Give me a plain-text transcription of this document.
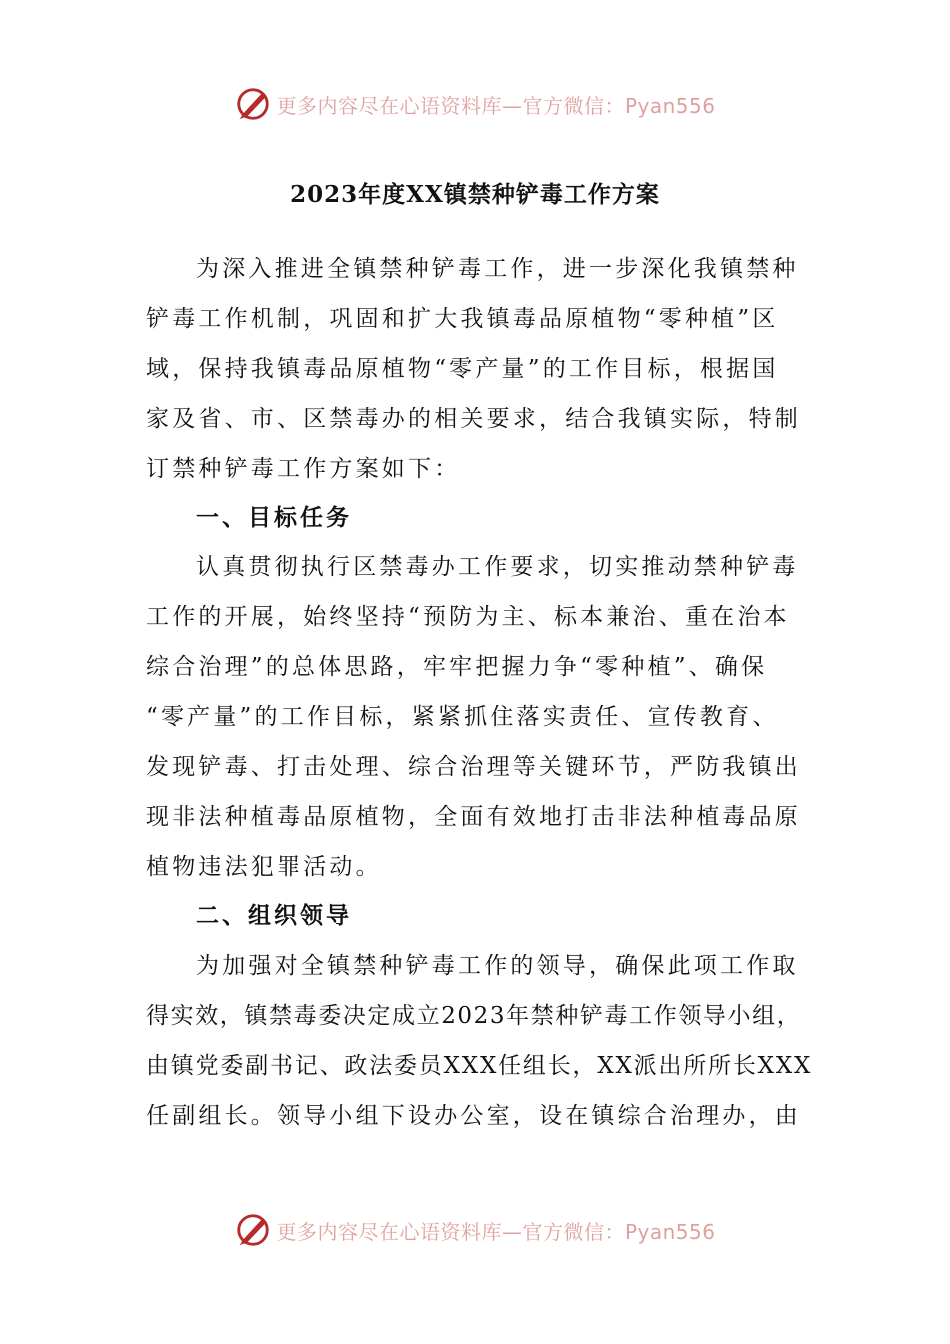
更多内容尽在心语资料库—官方微信：Pyan556
2023年度XX镇禁种铲毒工作方案
为深入推进全镇禁种铲毒工作，进一步深化我镇禁种
铲毒工作机制，巩固和扩大我镇毒品原植物“零种植”区
域，保持我镇毒品原植物“零产量”的工作目标，根据国
家及省、市、区禁毒办的相关要求，结合我镇实际，特制
订禁种铲毒工作方案如下：
一、目标任务
认真贯彻执行区禁毒办工作要求，切实推动禁种铲毒
工作的开展，始终坚持“预防为主、标本兼治、重在治本
综合治理”的总体思路，牢牢把握力争“零种植”、确保
“零产量”的工作目标，紧紧抓住落实责任、宣传教育、
发现铲毒、打击处理、综合治理等关键环节，严防我镇出
现非法种植毒品原植物，全面有效地打击非法种植毒品原
植物违法犯罪活动。
二、组织领导
为加强对全镇禁种铲毒工作的领导，确保此项工作取
得实效，镇禁毒委决定成立2023年禁种铲毒工作领导小组，
由镇党委副书记、政法委员XXX任组长，XX派出所所长XXX
任副组长。领导小组下设办公室，设在镇综合治理办，由
更多内容尽在心语资料库—官方微信：Pyan556
